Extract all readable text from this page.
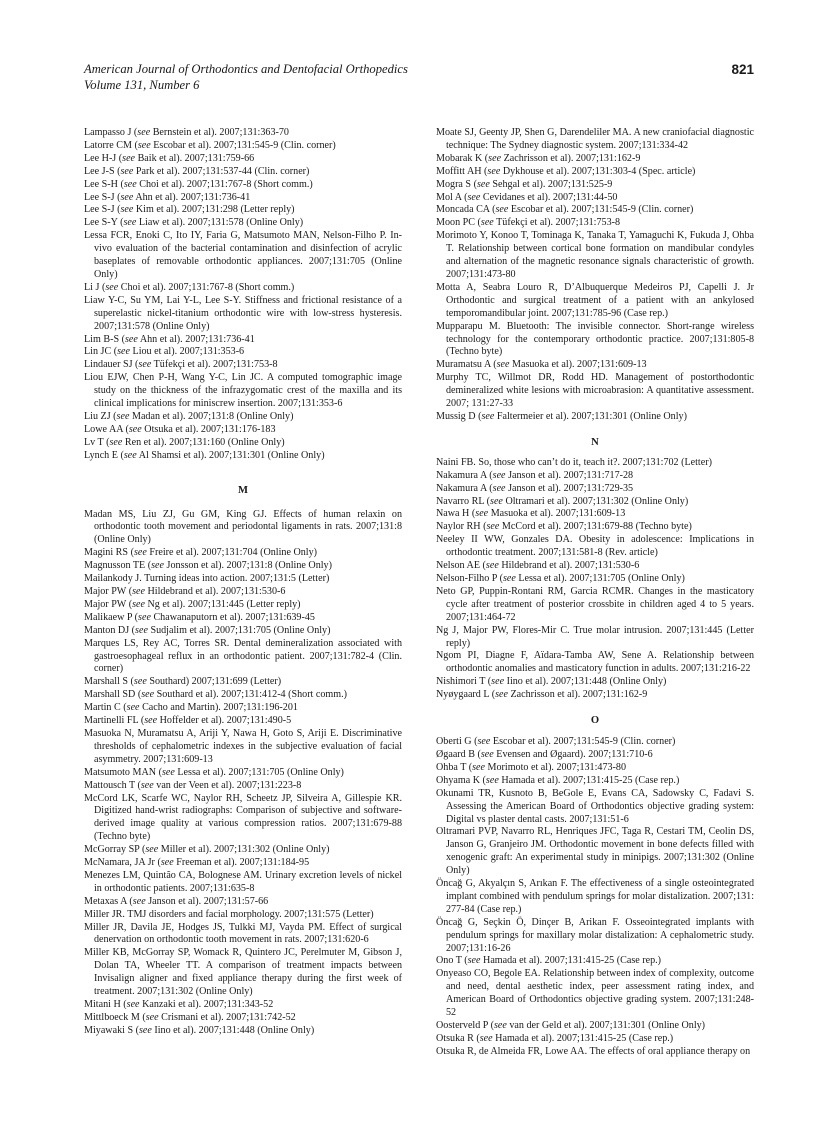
American Journal of Orthodontics and Dentofacial Orthopedics
Volume 131, Number 6
821

Lampasso J (see Bernstein et al). 2007;131:363-70

Latorre CM (see Escobar et al). 2007;131:545-9 (Clin. corner)

Lee H-J (see Baik et al). 2007;131:759-66

Lee J-S (see Park et al). 2007;131:537-44 (Clin. corner)

Lee S-H (see Choi et al). 2007;131:767-8 (Short comm.)

Lee S-J (see Ahn et al). 2007;131:736-41

Lee S-J (see Kim et al). 2007;131:298 (Letter reply)

Lee S-Y (see Liaw et al). 2007;131:578 (Online Only)

Lessa FCR, Enoki C, Ito IY, Faria G, Matsumoto MAN, Nelson-Filho P. In-vivo evaluation of the bacterial contamination and disinfection of acrylic baseplates of removable orthodontic appliances. 2007;131:705 (Online Only)

Li J (see Choi et al). 2007;131:767-8 (Short comm.)

Liaw Y-C, Su YM, Lai Y-L, Lee S-Y. Stiffness and frictional resistance of a superelastic nickel-titanium orthodontic wire with low-stress hysteresis. 2007;131:578 (Online Only)

Lim B-S (see Ahn et al). 2007;131:736-41

Lin JC (see Liou et al). 2007;131:353-6

Lindauer SJ (see Tüfekçi et al). 2007;131:753-8

Liou EJW, Chen P-H, Wang Y-C, Lin JC. A computed tomographic image study on the thickness of the infrazygomatic crest of the maxilla and its clinical implications for miniscrew insertion. 2007;131:353-6

Liu ZJ (see Madan et al). 2007;131:8 (Online Only)

Lowe AA (see Otsuka et al). 2007;131:176-183

Lv T (see Ren et al). 2007;131:160 (Online Only)

Lynch E (see Al Shamsi et al). 2007;131:301 (Online Only)

M

Madan MS, Liu ZJ, Gu GM, King GJ. Effects of human relaxin on orthodontic tooth movement and periodontal ligaments in rats. 2007;131:8 (Online Only)

Magini RS (see Freire et al). 2007;131:704 (Online Only)

Magnusson TE (see Jonsson et al). 2007;131:8 (Online Only)

Mailankody J. Turning ideas into action. 2007;131:5 (Letter)

Major PW (see Hildebrand et al). 2007;131:530-6

Major PW (see Ng et al). 2007;131:445 (Letter reply)

Malikaew P (see Chawanaputorn et al). 2007;131:639-45

Manton DJ (see Sudjalim et al). 2007;131:705 (Online Only)

Marques LS, Rey AC, Torres SR. Dental demineralization associated with gastroesophageal reflux in an orthodontic patient. 2007;131:782-4 (Clin. corner)

Marshall S (see Southard) 2007;131:699 (Letter)

Marshall SD (see Southard et al). 2007;131:412-4 (Short comm.)

Martin C (see Cacho and Martin). 2007;131:196-201

Martinelli FL (see Hoffelder et al). 2007;131:490-5

Masuoka N, Muramatsu A, Ariji Y, Nawa H, Goto S, Ariji E. Discriminative thresholds of cephalometric indexes in the subjective evaluation of facial asymmetry. 2007;131:609-13

Matsumoto MAN (see Lessa et al). 2007;131:705 (Online Only)

Mattousch T (see van der Veen et al). 2007;131:223-8

McCord LK, Scarfe WC, Naylor RH, Scheetz JP, Silveira A, Gillespie KR. Digitized hand-wrist radiographs: Comparison of subjective and software-derived image quality at various compression ratios. 2007;131:679-88 (Techno byte)

McGorray SP (see Miller et al). 2007;131:302 (Online Only)

McNamara, JA Jr (see Freeman et al). 2007;131:184-95

Menezes LM, Quintão CA, Bolognese AM. Urinary excretion levels of nickel in orthodontic patients. 2007;131:635-8

Metaxas A (see Janson et al). 2007;131:57-66

Miller JR. TMJ disorders and facial morphology. 2007;131:575 (Letter)

Miller JR, Davila JE, Hodges JS, Tulkki MJ, Vayda PM. Effect of surgical denervation on orthodontic tooth movement in rats. 2007;131:620-6

Miller KB, McGorray SP, Womack R, Quintero JC, Perelmuter M, Gibson J, Dolan TA, Wheeler TT. A comparison of treatment impacts between Invisalign aligner and fixed appliance therapy during the first week of treatment. 2007;131:302 (Online Only)

Mitani H (see Kanzaki et al). 2007;131:343-52

Mittlboeck M (see Crismani et al). 2007;131:742-52

Miyawaki S (see Iino et al). 2007;131:448 (Online Only)

Moate SJ, Geenty JP, Shen G, Darendeliler MA. A new craniofacial diagnostic technique: The Sydney diagnostic system. 2007;131:334-42

Mobarak K (see Zachrisson et al). 2007;131:162-9

Moffitt AH (see Dykhouse et al). 2007;131:303-4 (Spec. article)

Mogra S (see Sehgal et al). 2007;131:525-9

Mol A (see Cevidanes et al). 2007;131:44-50

Moncada CA (see Escobar et al). 2007;131:545-9 (Clin. corner)

Moon PC (see Tüfekçi et al). 2007;131:753-8

Morimoto Y, Konoo T, Tominaga K, Tanaka T, Yamaguchi K, Fukuda J, Ohba T. Relationship between cortical bone formation on mandibular condyles and alternation of the magnetic resonance signals characteristic of growth. 2007;131:473-80

Motta A, Seabra Louro R, D’Albuquerque Medeiros PJ, Capelli J. Jr Orthodontic and surgical treatment of a patient with an ankylosed temporomandibular joint. 2007;131:785-96 (Case rep.)

Mupparapu M. Bluetooth: The invisible connector. Short-range wireless technology for the contemporary orthodontic practice. 2007;131:805-8 (Techno byte)

Muramatsu A (see Masuoka et al). 2007;131:609-13

Murphy TC, Willmot DR, Rodd HD. Management of postorthodontic demineralized white lesions with microabrasion: A quantitative assessment. 2007; 131:27-33

Mussig D (see Faltermeier et al). 2007;131:301 (Online Only)

N

Naini FB. So, those who can’t do it, teach it?. 2007;131:702 (Letter)

Nakamura A (see Janson et al). 2007;131:717-28

Nakamura A (see Janson et al). 2007;131:729-35

Navarro RL (see Oltramari et al). 2007;131:302 (Online Only)

Nawa H (see Masuoka et al). 2007;131:609-13

Naylor RH (see McCord et al). 2007;131:679-88 (Techno byte)

Neeley II WW, Gonzales DA. Obesity in adolescence: Implications in orthodontic treatment. 2007;131:581-8 (Rev. article)

Nelson AE (see Hildebrand et al). 2007;131:530-6

Nelson-Filho P (see Lessa et al). 2007;131:705 (Online Only)

Neto GP, Puppin-Rontani RM, Garcia RCMR. Changes in the masticatory cycle after treatment of posterior crossbite in children aged 4 to 5 years. 2007;131:464-72

Ng J, Major PW, Flores-Mir C. True molar intrusion. 2007;131:445 (Letter reply)

Ngom PI, Diagne F, Aïdara-Tamba AW, Sene A. Relationship between orthodontic anomalies and masticatory function in adults. 2007;131:216-22

Nishimori T (see Iino et al). 2007;131:448 (Online Only)

Nyøygaard L (see Zachrisson et al). 2007;131:162-9

O

Oberti G (see Escobar et al). 2007;131:545-9 (Clin. corner)

Øgaard B (see Evensen and Øgaard). 2007;131:710-6

Ohba T (see Morimoto et al). 2007;131:473-80

Ohyama K (see Hamada et al). 2007;131:415-25 (Case rep.)

Okunami TR, Kusnoto B, BeGole E, Evans CA, Sadowsky C, Fadavi S. Assessing the American Board of Orthodontics objective grading system: Digital vs plaster dental casts. 2007;131:51-6

Oltramari PVP, Navarro RL, Henriques JFC, Taga R, Cestari TM, Ceolin DS, Janson G, Granjeiro JM. Orthodontic movement in bone defects filled with xenogenic graft: An experimental study in minipigs. 2007;131:302 (Online Only)

Öncağ G, Akyalçın S, Arıkan F. The effectiveness of a single osteointegrated implant combined with pendulum springs for molar distalization. 2007;131: 277-84 (Case rep.)

Öncağ G, Seçkin Ö, Dinçer B, Arikan F. Osseointegrated implants with pendulum springs for maxillary molar distalization: A cephalometric study. 2007;131:16-26

Ono T (see Hamada et al). 2007;131:415-25 (Case rep.)

Onyeaso CO, Begole EA. Relationship between index of complexity, outcome and need, dental aesthetic index, peer assessment rating index, and American Board of Orthodontics objective grading system. 2007;131:248-52

Oosterveld P (see van der Geld et al). 2007;131:301 (Online Only)

Otsuka R (see Hamada et al). 2007;131:415-25 (Case rep.)

Otsuka R, de Almeida FR, Lowe AA. The effects of oral appliance therapy on
